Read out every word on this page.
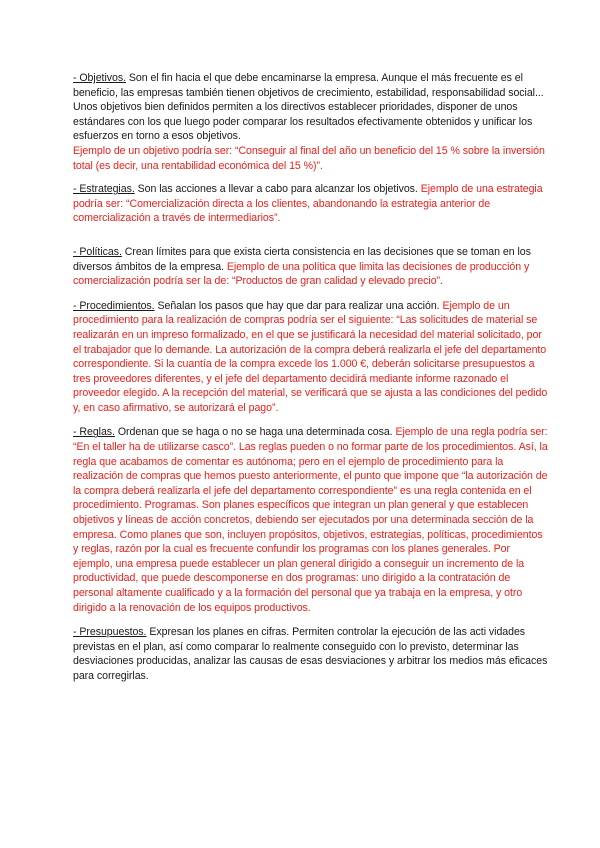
- Objetivos. Son el fin hacia el que debe encaminarse la empresa. Aunque el más frecuente es el beneficio, las empresas también tienen objetivos de crecimiento, estabilidad, responsabilidad social... Unos objetivos bien definidos permiten a los directivos establecer prioridades, disponer de unos estándares con los que luego poder comparar los resultados efectivamente obtenidos y unificar los esfuerzos en torno a esos objetivos.
Ejemplo de un objetivo podría ser: “Conseguir al final del año un beneficio del 15 % sobre la inversión total (es decir, una rentabilidad económica del 15 %)”.

- Estrategias. Son las acciones a llevar a cabo para alcanzar los objetivos. Ejemplo de una estrategia podría ser: “Comercialización directa a los clientes, abandonando la estrategia anterior de comercialización a través de intermediarios”.

- Políticas. Crean límites para que exista cierta consistencia en las decisiones que se toman en los diversos ámbitos de la empresa. Ejemplo de una política que limita las decisiones de producción y comercialización podría ser la de: “Productos de gran calidad y elevado precio”.

- Procedimientos. Señalan los pasos que hay que dar para realizar una acción. Ejemplo de un procedimiento para la realización de compras podría ser el siguiente: “Las solicitudes de material se realizarán en un impreso formalizado, en el que se justificará la necesidad del material solicitado, por el trabajador que lo demande. La autorización de la compra deberá realizarla el jefe del departamento correspondiente. Si la cuantía de la compra excede los 1.000 €, deberán solicitarse presupuestos a tres proveedores diferentes, y el jefe del departamento decidirá mediante informe razonado el proveedor elegido. A la recepción del material, se verificará que se ajusta a las condiciones del pedido y, en caso afirmativo, se autorizará el pago”.

- Reglas. Ordenan que se haga o no se haga una determinada cosa. Ejemplo de una regla podría ser: “En el taller ha de utilizarse casco”. Las reglas pueden o no formar parte de los procedimientos. Así, la regla que acabamos de comentar es autónoma; pero en el ejemplo de procedimiento para la realización de compras que hemos puesto anteriormente, el punto que impone que “la autorización de la compra deberá realizarla el jefe del departamento correspondiente” es una regla contenida en el procedimiento. Programas. Son planes específicos que integran un plan general y que establecen objetivos y líneas de acción concretos, debiendo ser ejecutados por una determinada sección de la empresa. Como planes que son, incluyen propósitos, objetivos, estrategias, políticas, procedimientos y reglas, razón por la cual es frecuente confundir los programas con los planes generales. Por ejemplo, una empresa puede establecer un plan general dirigido a conseguir un incremento de la productividad, que puede descomponerse en dos programas: uno dirigido a la contratación de personal altamente cualificado y a la formación del personal que ya trabaja en la empresa, y otro dirigido a la renovación de los equipos productivos.

- Presupuestos. Expresan los planes en cifras. Permiten controlar la ejecución de las acti vidades previstas en el plan, así como comparar lo realmente conseguido con lo previsto, determinar las desviaciones producidas, analizar las causas de esas desviaciones y arbitrar los medios más eficaces para corregirlas.
